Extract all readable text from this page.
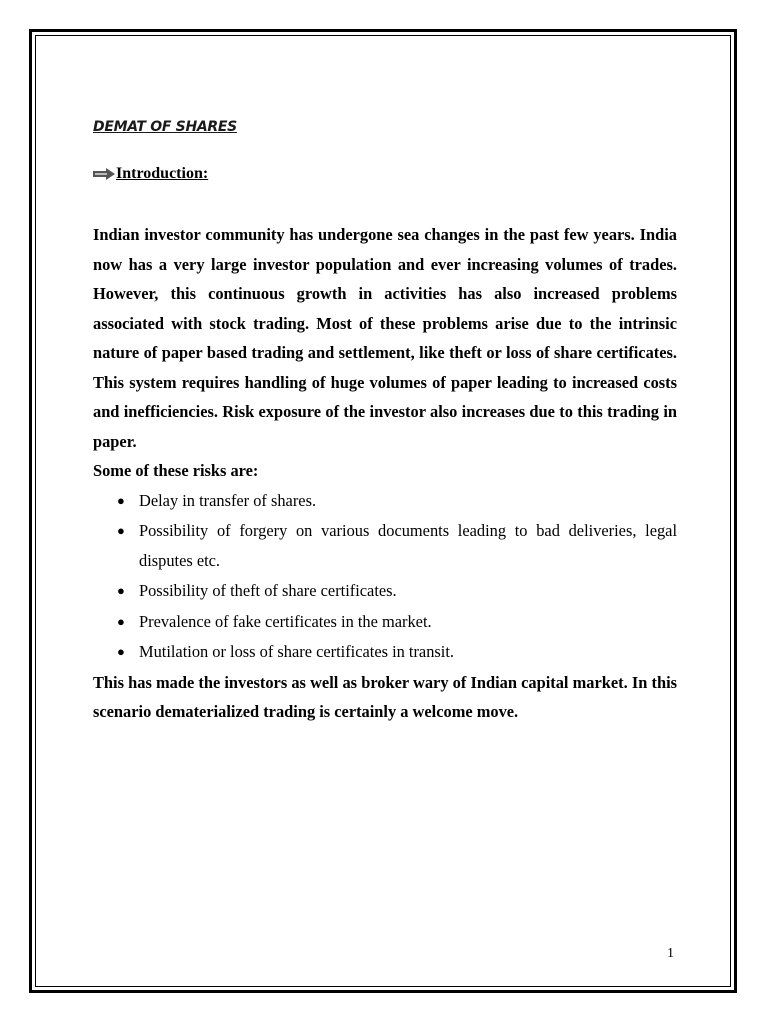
DEMAT OF SHARES
Introduction:

Indian investor community has undergone sea changes in the past few years. India now has a very large investor population and ever increasing volumes of trades. However, this continuous growth in activities has also increased problems associated with stock trading. Most of these problems arise due to the intrinsic nature of paper based trading and settlement, like theft or loss of share certificates. This system requires handling of huge volumes of paper leading to increased costs and inefficiencies. Risk exposure of the investor also increases due to this trading in paper.

Some of these risks are:

● Delay in transfer of shares.
● Possibility of forgery on various documents leading to bad deliveries, legal disputes etc.
● Possibility of theft of share certificates.
● Prevalence of fake certificates in the market.
● Mutilation or loss of share certificates in transit.

This has made the investors as well as broker wary of Indian capital market. In this scenario dematerialized trading is certainly a welcome move.

1
